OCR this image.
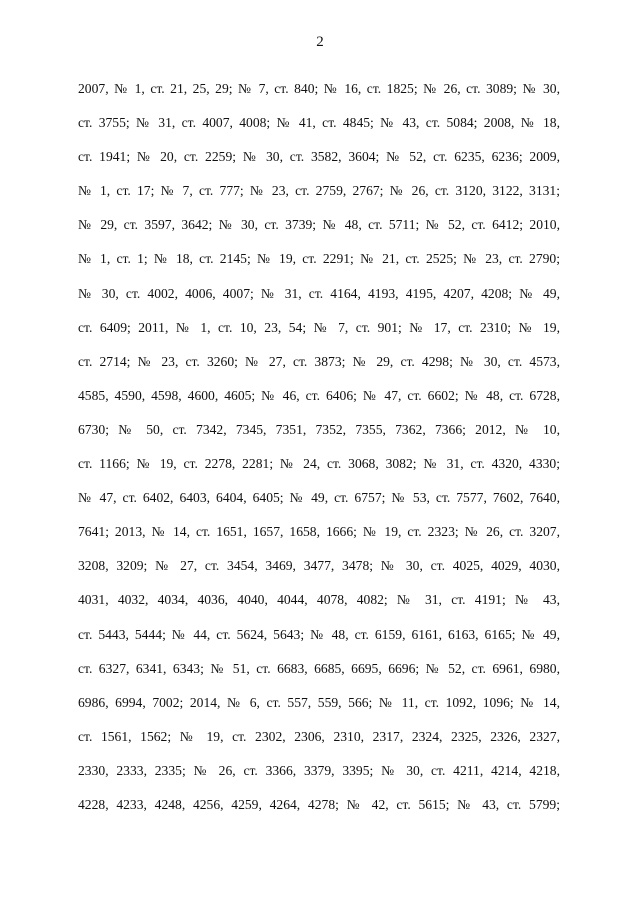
2
2007, № 1, ст. 21, 25, 29; № 7, ст. 840; № 16, ст. 1825; № 26, ст. 3089; № 30,
ст. 3755; № 31, ст. 4007, 4008; № 41, ст. 4845; № 43, ст. 5084; 2008, № 18,
ст. 1941; № 20, ст. 2259; № 30, ст. 3582, 3604; № 52, ст. 6235, 6236; 2009,
№ 1, ст. 17; № 7, ст. 777; № 23, ст. 2759, 2767; № 26, ст. 3120, 3122, 3131;
№ 29, ст. 3597, 3642; № 30, ст. 3739; № 48, ст. 5711; № 52, ст. 6412; 2010,
№ 1, ст. 1; № 18, ст. 2145; № 19, ст. 2291; № 21, ст. 2525; № 23, ст. 2790;
№ 30, ст. 4002, 4006, 4007; № 31, ст. 4164, 4193, 4195, 4207, 4208; № 49,
ст. 6409; 2011, № 1, ст. 10, 23, 54; № 7, ст. 901; № 17, ст. 2310; № 19,
ст. 2714; № 23, ст. 3260; № 27, ст. 3873; № 29, ст. 4298; № 30, ст. 4573,
4585, 4590, 4598, 4600, 4605; № 46, ст. 6406; № 47, ст. 6602; № 48, ст. 6728,
6730; № 50, ст. 7342, 7345, 7351, 7352, 7355, 7362, 7366; 2012, № 10,
ст. 1166; № 19, ст. 2278, 2281; № 24, ст. 3068, 3082; № 31, ст. 4320, 4330;
№ 47, ст. 6402, 6403, 6404, 6405; № 49, ст. 6757; № 53, ст. 7577, 7602, 7640,
7641; 2013, № 14, ст. 1651, 1657, 1658, 1666; № 19, ст. 2323; № 26, ст. 3207,
3208, 3209; № 27, ст. 3454, 3469, 3477, 3478; № 30, ст. 4025, 4029, 4030,
4031, 4032, 4034, 4036, 4040, 4044, 4078, 4082; № 31, ст. 4191; № 43,
ст. 5443, 5444; № 44, ст. 5624, 5643; № 48, ст. 6159, 6161, 6163, 6165; № 49,
ст. 6327, 6341, 6343; № 51, ст. 6683, 6685, 6695, 6696; № 52, ст. 6961, 6980,
6986, 6994, 7002; 2014, № 6, ст. 557, 559, 566; № 11, ст. 1092, 1096; № 14,
ст. 1561, 1562; № 19, ст. 2302, 2306, 2310, 2317, 2324, 2325, 2326, 2327,
2330, 2333, 2335; № 26, ст. 3366, 3379, 3395; № 30, ст. 4211, 4214, 4218,
4228, 4233, 4248, 4256, 4259, 4264, 4278; № 42, ст. 5615; № 43, ст. 5799;
